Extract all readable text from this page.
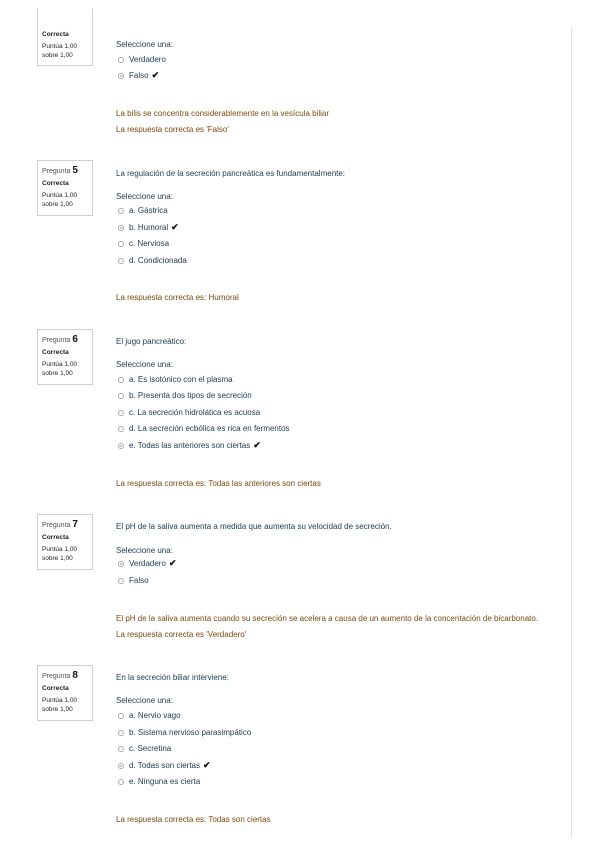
Correcta
Puntúa 1,00
sobre 1,00
Seleccione una:
Verdadero
Falso ✔
La bilis se concentra considerablemente en la vesícula biliar
La respuesta correcta es 'Falso'
Pregunta 5
Correcta
Puntúa 1,00
sobre 1,00
La regulación de la secreción pancreática es fundamentalmente:
Seleccione una:
a. Gástrica
b. Humoral ✔
c. Nerviosa
d. Condicionada
La respuesta correcta es: Humoral
Pregunta 6
Correcta
Puntúa 1,00
sobre 1,00
El jugo pancreático:
Seleccione una:
a. Es isotónico con el plasma
b. Presenta dos tipos de secreción
c. La secreción hidrolática es acuosa
d. La secreción ecbólica es rica en fermentos
e. Todas las anteriores son ciertas ✔
La respuesta correcta es: Todas las anteriores son ciertas
Pregunta 7
Correcta
Puntúa 1,00
sobre 1,00
El pH de la saliva aumenta a medida que aumenta su velocidad de secreción.
Seleccione una:
Verdadero ✔
Falso
El pH de la saliva aumenta cuando su secreción se acelera a causa de un aumento de la concentación de bicarbonato.
La respuesta correcta es 'Verdadero'
Pregunta 8
Correcta
Puntúa 1,00
sobre 1,00
En la secreción biliar interviene:
Seleccione una:
a. Nervio vago
b. Sistema nervioso parasimpático
c. Secretina
d. Todas son ciertas ✔
e. Ninguna es cierta
La respuesta correcta es: Todas son ciertas
